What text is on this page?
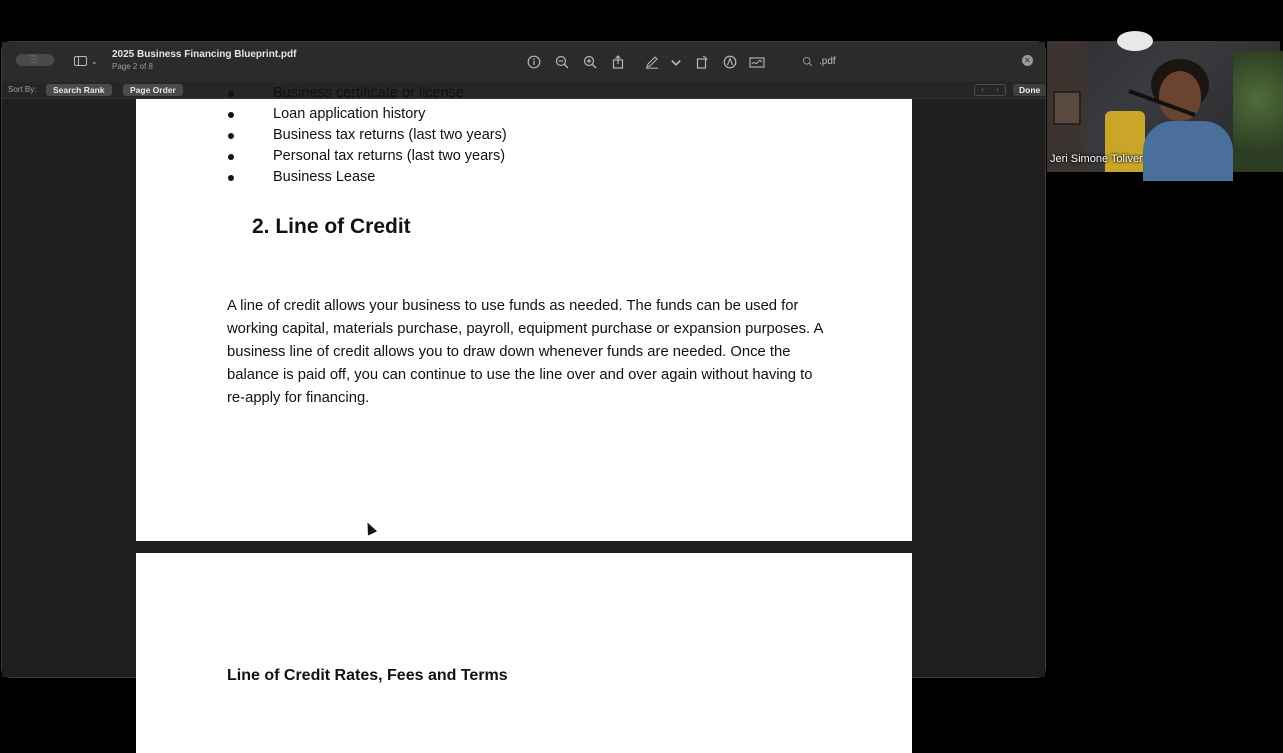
⎘	⌄
2025 Business Financing Blueprint.pdf
Page 2 of 8	.pdf	✕
Sort By:	Search Rank	Page Order	‹	›	Done
Business certificate or license
Loan application history
Business tax returns (last two years)
Personal tax returns (last two years)
Business Lease
2. Line of Credit

A line of credit allows your business to use funds as needed. The funds can be used for working capital, materials purchase, payroll, equipment purchase or expansion purposes. A business line of credit allows you to draw down whenever funds are needed. Once the balance is paid off, you can continue to use the line over and over again without having to re-apply for financing.

Line of Credit Rates, Fees and Terms
Jeri Simone Toliver
